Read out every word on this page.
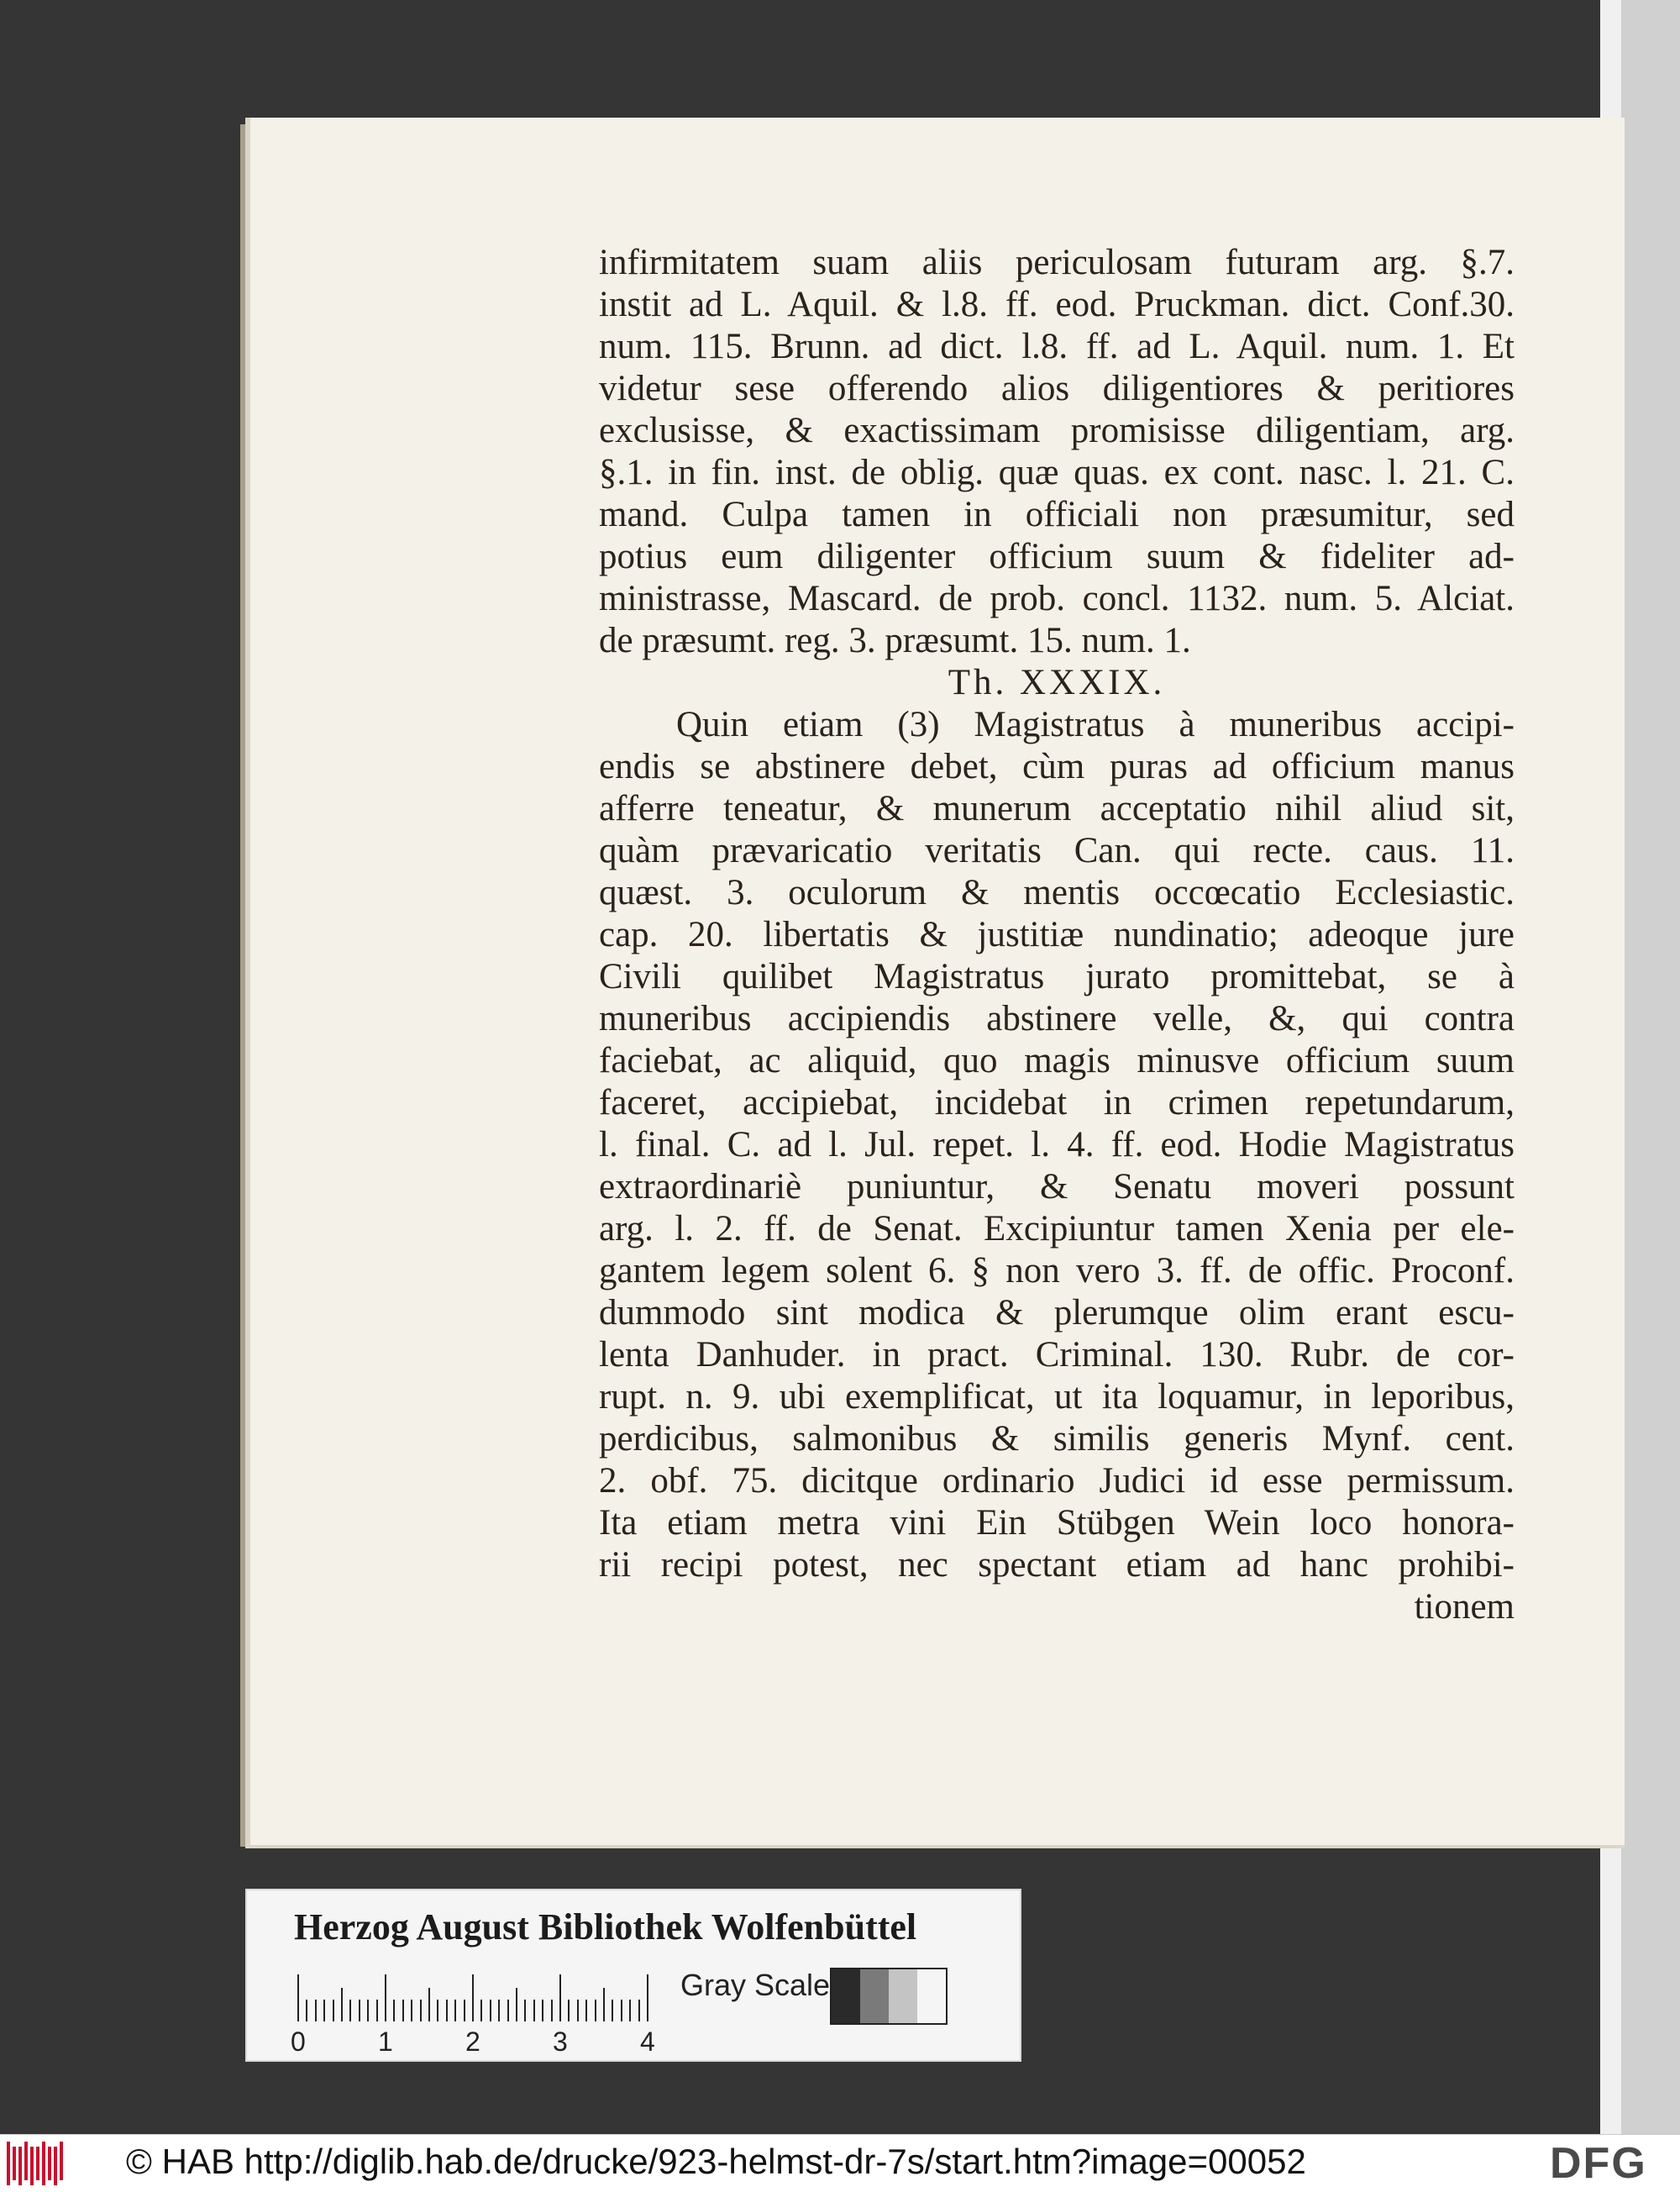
infirmitatem suam aliis periculosam futuram arg. §.7.
instit ad L. Aquil. & l.8. ff. eod. Pruckman. dict. Conf.30.
num. 115. Brunn. ad dict. l.8. ff. ad L. Aquil. num. 1. Et
videtur sese offerendo alios diligentiores & peritiores
exclusisse, & exactissimam promisisse diligentiam, arg.
§.1. in fin. inst. de oblig. quæ quas. ex cont. nasc. l. 21. C.
mand. Culpa tamen in officiali non præsumitur, sed
potius eum diligenter officium suum & fideliter ad-
ministrasse, Mascard. de prob. concl. 1132. num. 5. Alciat.
de præsumt. reg. 3. præsumt. 15. num. 1.
Th. XXXIX.
Quin etiam (3) Magistratus à muneribus accipi-
endis se abstinere debet, cùm puras ad officium manus
afferre teneatur, & munerum acceptatio nihil aliud sit,
quàm prævaricatio veritatis Can. qui recte. caus. 11.
quæst. 3. oculorum & mentis occœcatio Ecclesiastic.
cap. 20. libertatis & justitiæ nundinatio; adeoque jure
Civili quilibet Magistratus jurato promittebat, se à
muneribus accipiendis abstinere velle, &, qui contra
faciebat, ac aliquid, quo magis minusve officium suum
faceret, accipiebat, incidebat in crimen repetundarum,
l. final. C. ad l. Jul. repet. l. 4. ff. eod. Hodie Magistratus
extraordinariè puniuntur, & Senatu moveri possunt
arg. l. 2. ff. de Senat. Excipiuntur tamen Xenia per ele-
gantem legem solent 6. § non vero 3. ff. de offic. Proconf.
dummodo sint modica & plerumque olim erant escu-
lenta Danhuder. in pract. Criminal. 130. Rubr. de cor-
rupt. n. 9. ubi exemplificat, ut ita loquamur, in leporibus,
perdicibus, salmonibus & similis generis Mynf. cent.
2. obf. 75. dicitque ordinario Judici id esse permissum.
Ita etiam metra vini Ein Stübgen Wein loco honora-
rii recipi potest, nec spectant etiam ad hanc prohibi-
tionem
Herzog August Bibliothek Wolfenbüttel
0	1	2	3	4
Gray Scale
© HAB http://diglib.hab.de/drucke/923-helmst-dr-7s/start.htm?image=00052	DFG
